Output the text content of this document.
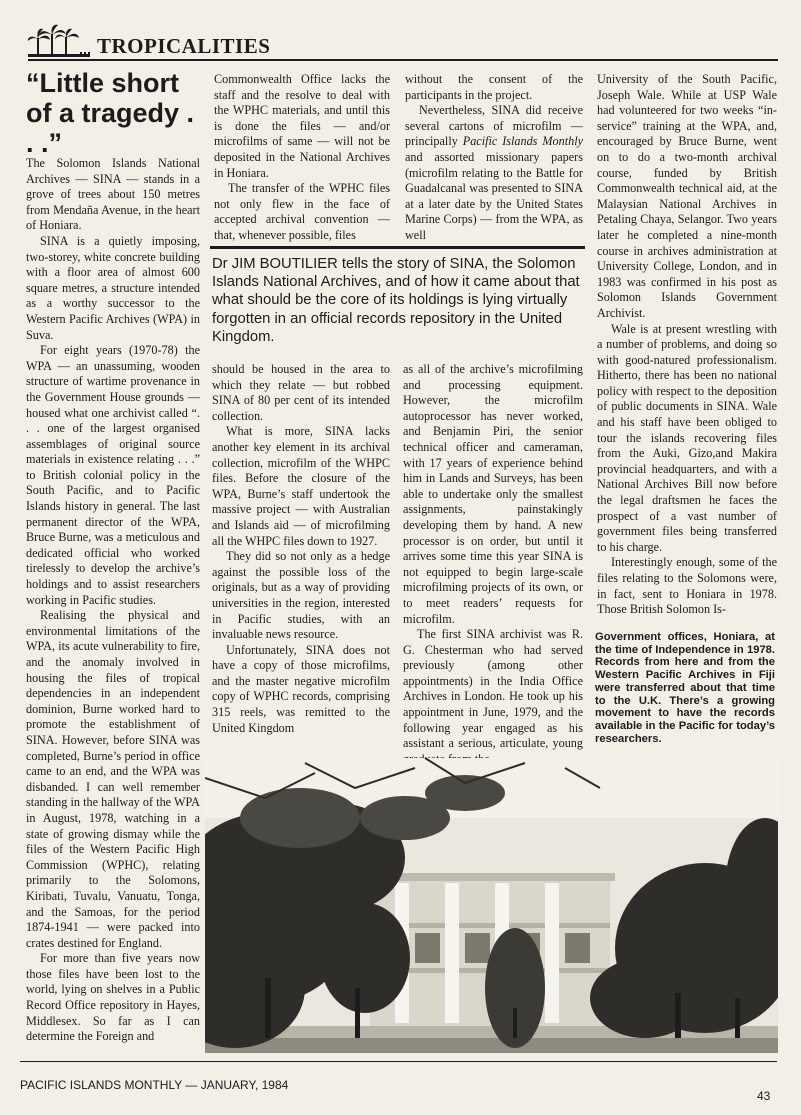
TROPICALITIES
“Little short of a tragedy . . .”

The Solomon Islands National Archives — SINA — stands in a grove of trees about 150 metres from Mendaña Avenue, in the heart of Honiara.

SINA is a quietly imposing, two-storey, white concrete building with a floor area of almost 600 square metres, a structure intended as a worthy successor to the Western Pacific Archives (WPA) in Suva.

For eight years (1970-78) the WPA — an unassuming, wooden structure of wartime provenance in the Government House grounds — housed what one archivist called “. . . one of the largest organised assemblages of original source materials in existence relating . . .” to British colonial policy in the South Pacific, and to Pacific Islands history in general. The last permanent director of the WPA, Bruce Burne, was a meticulous and dedicated official who worked tirelessly to develop the archive’s holdings and to assist researchers working in Pacific studies.

Realising the physical and environmental limitations of the WPA, its acute vulnerability to fire, and the anomaly involved in housing the files of tropical dependencies in an independent dominion, Burne worked hard to promote the establishment of SINA. However, before SINA was completed, Burne’s period in office came to an end, and the WPA was disbanded. I can well remember standing in the hallway of the WPA in August, 1978, watching in a state of growing dismay while the files of the Western Pacific High Commission (WPHC), relating primarily to the Solomons, Kiribati, Tuvalu, Vanuatu, Tonga, and the Samoas, for the period 1874-1941 — were packed into crates destined for England.

For more than five years now those files have been lost to the world, lying on shelves in a Public Record Office repository in Hayes, Middlesex. So far as I can determine the Foreign and

Commonwealth Office lacks the staff and the resolve to deal with the WPHC materials, and until this is done the files — and/or microfilms of same — will not be deposited in the National Archives in Honiara.

The transfer of the WPHC files not only flew in the face of accepted archival convention — that, whenever possible, files

without the consent of the participants in the project.

Nevertheless, SINA did receive several cartons of microfilm — principally Pacific Islands Monthly and assorted missionary papers (microfilm relating to the Battle for Guadalcanal was presented to SINA at a later date by the United States Marine Corps) — from the WPA, as well

Dr JIM BOUTILIER tells the story of SINA, the Solomon Islands National Archives, and of how it came about that what should be the core of its holdings is lying virtually forgotten in an official records repository in the United Kingdom.

should be housed in the area to which they relate — but robbed SINA of 80 per cent of its intended collection.

What is more, SINA lacks another key element in its archival collection, microfilm of the WHPC files. Before the closure of the WPA, Burne’s staff undertook the massive project — with Australian and Islands aid — of microfilming all the WHPC files down to 1927.

They did so not only as a hedge against the possible loss of the originals, but as a way of providing universities in the region, interested in Pacific studies, with an invaluable news resource.

Unfortunately, SINA does not have a copy of those microfilms, and the master negative microfilm copy of WPHC records, comprising 315 reels, was remitted to the United Kingdom

as all of the archive’s microfilming and processing equipment. However, the microfilm autoprocessor has never worked, and Benjamin Piri, the senior technical officer and cameraman, with 17 years of experience behind him in Lands and Surveys, has been able to undertake only the smallest assignments, painstakingly developing them by hand. A new processor is on order, but until it arrives some time this year SINA is not equipped to begin large-scale microfilming projects of its own, or to meet readers’ requests for microfilm.

The first SINA archivist was R. G. Chesterman who had served previously (among other appointments) in the India Office Archives in London. He took up his appointment in June, 1979, and the following year engaged as his assistant a serious, articulate, young

University of the South Pacific, Joseph Wale. While at USP Wale had volunteered for two weeks “in-service” training at the WPA, and, encouraged by Bruce Burne, went on to do a two-month archival course, funded by British Commonwealth technical aid, at the Malaysian National Archives in Petaling Chaya, Selangor. Two years later he completed a nine-month course in archives administration at University College, London, and in 1983 was confirmed in his post as Solomon Islands Government Archivist.

Wale is at present wrestling with a number of problems, and doing so with good-natured professionalism. Hitherto, there has been no national policy with respect to the deposition of public documents in SINA. Wale and his staff have been obliged to tour the islands recovering files from the Auki, Gizo,and Makira provincial headquarters, and with a National Archives Bill now before the legal draftsmen he faces the prospect of a vast number of government files being transferred to his charge.

Interestingly enough, some of the files relating to the Solomons were, in fact, sent to Honiara in 1978. Those British Solomon Is-

Government offices, Honiara, at the time of Independence in 1978. Records from here and from the Western Pacific Archives in Fiji were transferred about that time to the U.K. There’s a growing movement to have the records available in the Pacific for today’s researchers.
PACIFIC ISLANDS MONTHLY — JANUARY, 1984
43
